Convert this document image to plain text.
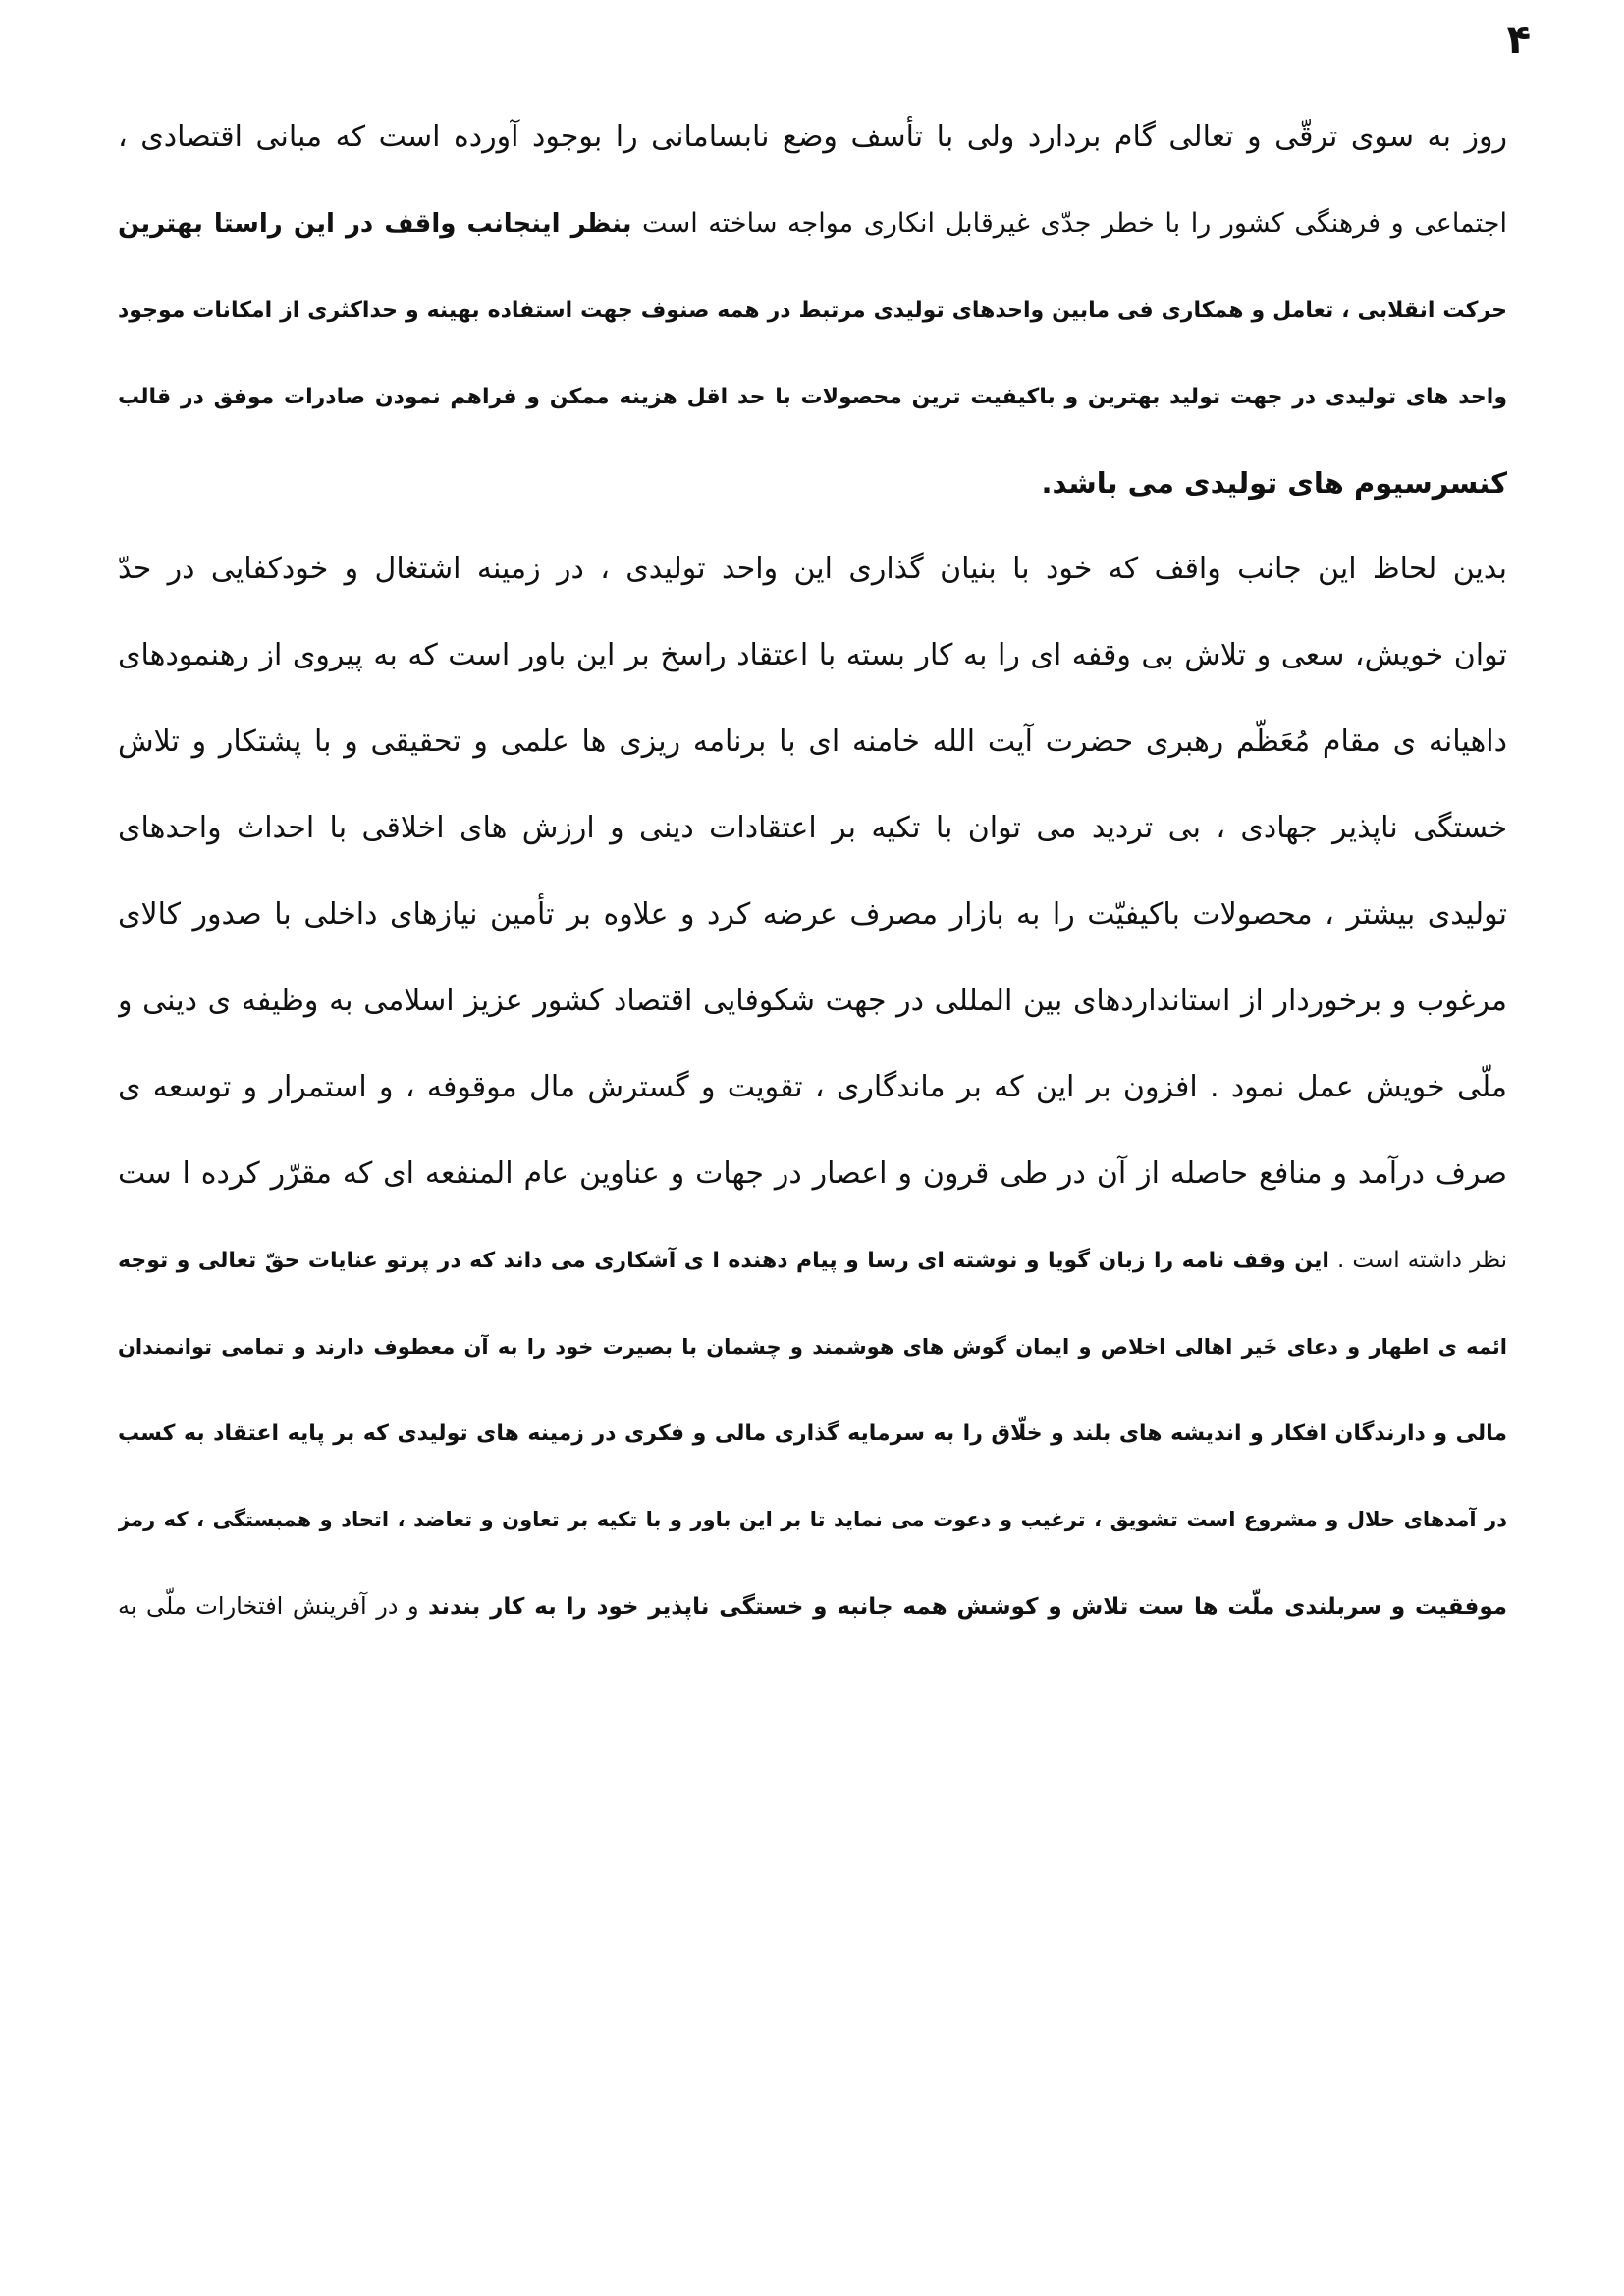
۴
روز به سوی ترقّی و تعالی گام بردارد ولی با تأسف وضع نابسامانی را بوجود آورده است که مبانی اقتصادی ،
اجتماعی و فرهنگی کشور را با خطر جدّی غیرقابل انکاری مواجه ساخته است بنظر اینجانب واقف در این راستا بهترین
حرکت انقلابی ، تعامل و همکاری فی مابین واحدهای تولیدی مرتبط در همه صنوف جهت استفاده بهینه و حداکثری از امکانات موجود
واحد های تولیدی در جهت تولید بهترین و باکیفیت ترین محصولات با حد اقل هزینه ممکن و فراهم نمودن صادرات موفق در قالب
کنسرسیوم های تولیدی می باشد.
بدین لحاظ این جانب واقف که خود با بنیان گذاری این واحد تولیدی ، در زمینه اشتغال و خودکفایی در حدّ
توان خویش، سعی و تلاش بی وقفه ای را به کار بسته با اعتقاد راسخ بر این باور است که به پیروی از رهنمودهای
داهیانه ی مقام مُعَظّم رهبری حضرت آیت الله خامنه ای با برنامه ریزی ها علمی و تحقیقی و با پشتکار و تلاش
خستگی ناپذیر جهادی ، بی تردید می توان با تکیه بر اعتقادات دینی و ارزش های اخلاقی با احداث واحدهای
تولیدی بیشتر ، محصولات باکیفیّت را به بازار مصرف عرضه کرد و علاوه بر تأمین نیازهای داخلی با صدور کالای
مرغوب و برخوردار از استانداردهای بین المللی در جهت شکوفایی اقتصاد کشور عزیز اسلامی به وظیفه ی دینی و
ملّی خویش عمل نمود . افزون بر این که بر ماندگاری ، تقویت و گسترش مال موقوفه ، و استمرار و توسعه ی
صرف درآمد و منافع حاصله از آن در طی قرون و اعصار در جهات و عناوین عام المنفعه ای که مقرّر کرده ا ست
نظر داشته است . این وقف نامه را زبان گویا و نوشته ای رسا و پیام دهنده ا ی آشکاری می داند که در پرتو عنایات حقّ تعالی و توجه
ائمه ی اطهار و دعای خَیر اهالی اخلاص و ایمان گوش های هوشمند و چشمان با بصیرت خود را به آن معطوف دارند و تمامی توانمندان
مالی و دارندگان افکار و اندیشه های بلند و خلّاق را به سرمایه گذاری مالی و فکری در زمینه های تولیدی که بر پایه اعتقاد به کسب
در آمدهای حلال و مشروع است تشویق ، ترغیب و دعوت می نماید تا بر این باور و با تکیه بر تعاون و تعاضد ، اتحاد و همبستگی ، که رمز
موفقیت و سربلندی ملّت ها ست تلاش و کوشش همه جانبه و خستگی ناپذیر خود را به کار بندند و در آفرینش افتخارات ملّی به
